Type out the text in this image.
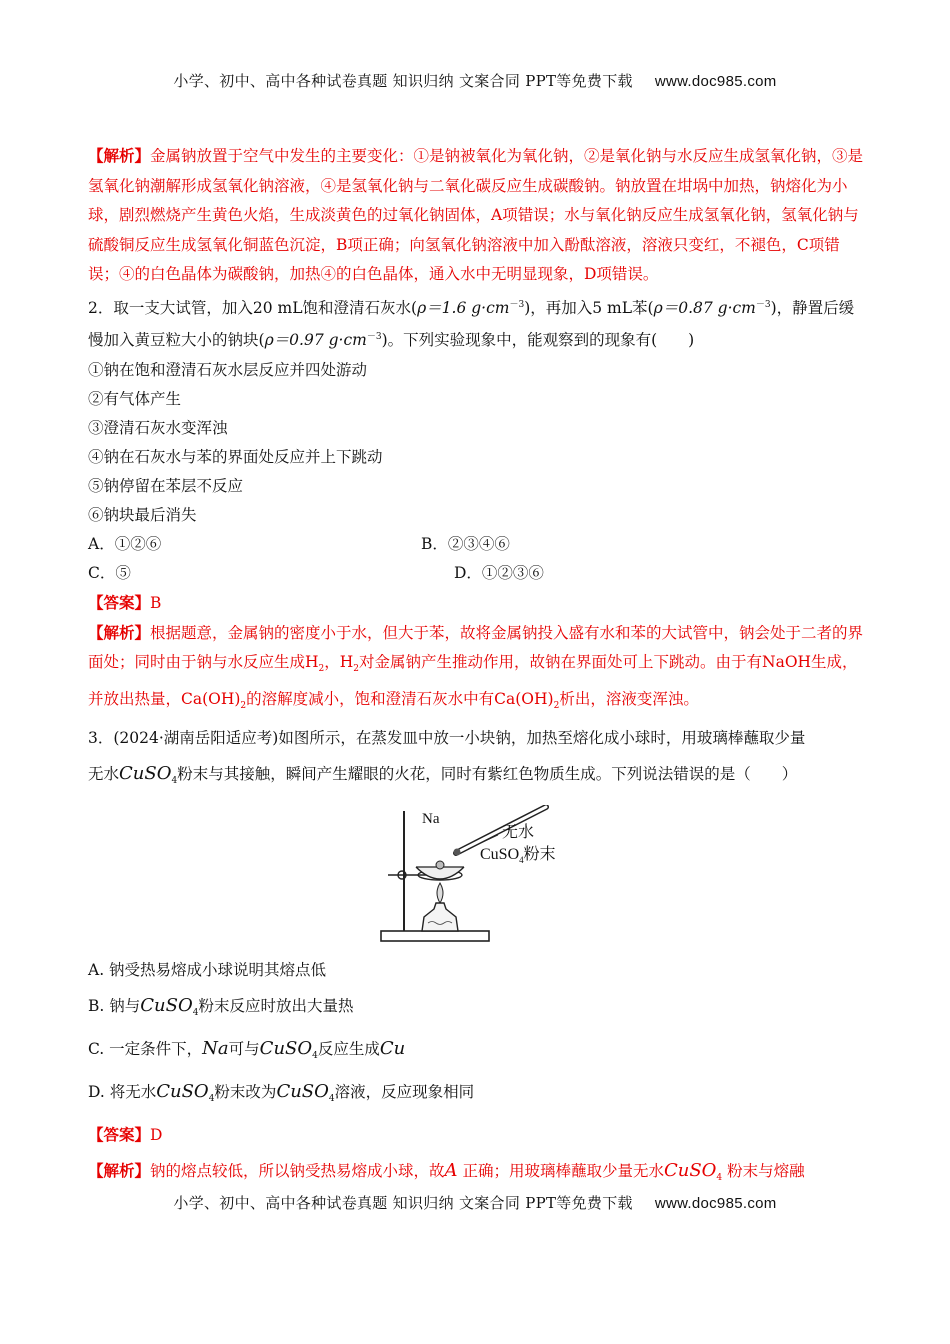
小学、初中、高中各种试卷真题 知识归纳 文案合同 PPT等免费下载 www.doc985.com

【解析】金属钠放置于空气中发生的主要变化：①是钠被氧化为氧化钠，②是氧化钠与水反应生成氢氧化钠，③是氢氧化钠潮解形成氢氧化钠溶液，④是氢氧化钠与二氧化碳反应生成碳酸钠。钠放置在坩埚中加热，钠熔化为小球，剧烈燃烧产生黄色火焰，生成淡黄色的过氧化钠固体，A项错误；水与氧化钠反应生成氢氧化钠，氢氧化钠与硫酸铜反应生成氢氧化铜蓝色沉淀，B项正确；向氢氧化钠溶液中加入酚酞溶液，溶液只变红，不褪色，C项错误；④的白色晶体为碳酸钠，加热④的白色晶体，通入水中无明显现象，D项错误。

2．取一支大试管，加入20 mL饱和澄清石灰水(ρ＝1.6 $g\cdot cm^{-3}$)，再加入5 mL苯(ρ＝0.87 $g\cdot cm^{-3}$)，静置后缓慢加入黄豆粒大小的钠块(ρ＝0.97 $g\cdot cm^{-3}$)。下列实验现象中，能观察到的现象有(　　)

①钠在饱和澄清石灰水层反应并四处游动

②有气体产生

③澄清石灰水变浑浊

④钠在石灰水与苯的界面处反应并上下跳动

⑤钠停留在苯层不反应

⑥钠块最后消失

A．①②⑥	B．②③④⑥
C．⑤	D．①②③⑥

【答案】B

【解析】根据题意，金属钠的密度小于水，但大于苯，故将金属钠投入盛有水和苯的大试管中，钠会处于二者的界面处；同时由于钠与水反应生成$H_2$，$H_2$对金属钠产生推动作用，故钠在界面处可上下跳动。由于有NaOH生成，并放出热量，$Ca(OH)_2$的溶解度减小，饱和澄清石灰水中有$Ca(OH)_2$析出，溶液变浑浊。

3．(2024·湖南岳阳适应考)如图所示，在蒸发皿中放一小块钠，加热至熔化成小球时，用玻璃棒蘸取少量

无水CuSO$_4$粉末与其接触，瞬间产生耀眼的火花，同时有紫红色物质生成。下列说法错误的是（　　）

Na
无水
CuSO$_4$粉末

A. 钠受热易熔成小球说明其熔点低

B. 钠与CuSO$_4$粉末反应时放出大量热

C. 一定条件下，Na可与CuSO$_4$反应生成Cu

D. 将无水CuSO$_4$粉末改为CuSO$_4$溶液，反应现象相同

【答案】D

【解析】钠的熔点较低，所以钠受热易熔成小球，故A 正确；用玻璃棒蘸取少量无水CuSO$_4$ 粉末与熔融

小学、初中、高中各种试卷真题 知识归纳 文案合同 PPT等免费下载 www.doc985.com
